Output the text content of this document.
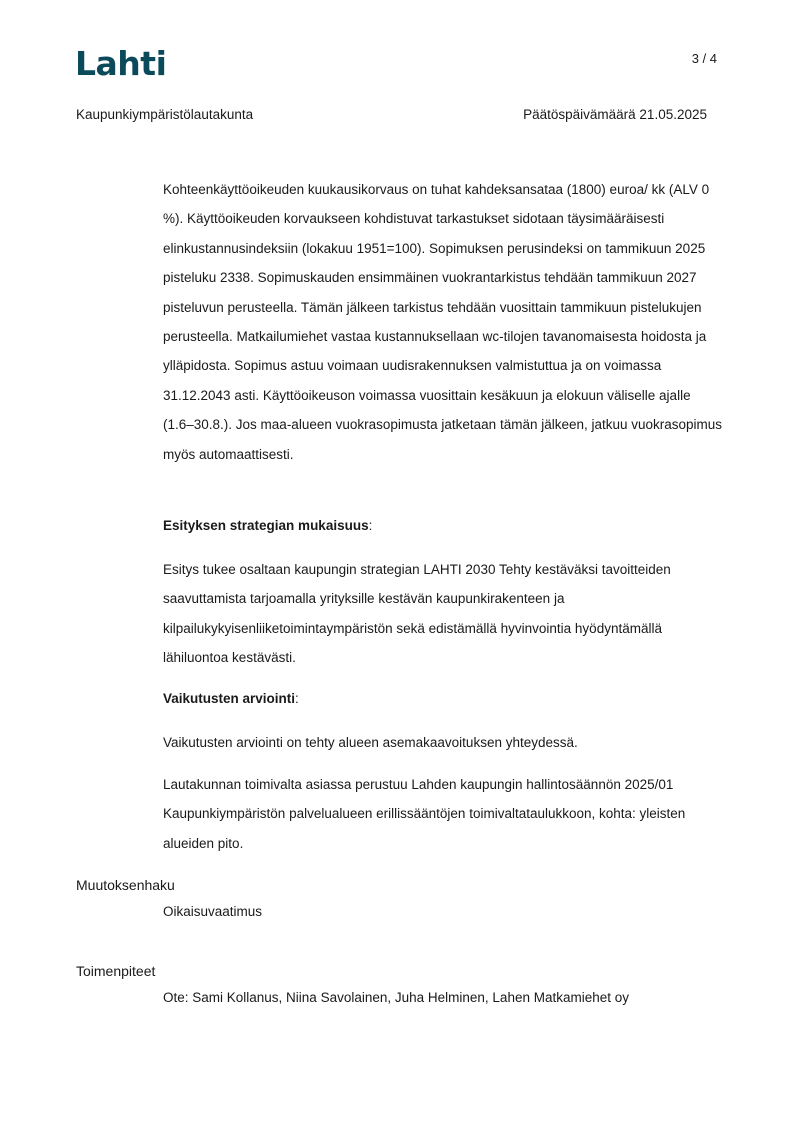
Lahti	3 / 4
Kaupunkiympäristölautakunta	Päätöspäivämäärä 21.05.2025

Kohteenkäyttöoikeuden kuukausikorvaus on tuhat kahdeksansataa (1800) euroa/ kk (ALV 0 %). Käyttöoikeuden korvaukseen kohdistuvat tarkastukset sidotaan täysimääräisesti elinkustannusindeksiin (lokakuu 1951=100). Sopimuksen perusindeksi on tammikuun 2025 pisteluku 2338. Sopimuskauden ensimmäinen vuokrantarkistus tehdään tammikuun 2027 pisteluvun perusteella. Tämän jälkeen tarkistus tehdään vuosittain tammikuun pistelukujen perusteella. Matkailumiehet vastaa kustannuksellaan wc-tilojen tavanomaisesta hoidosta ja ylläpidosta. Sopimus astuu voimaan uudisrakennuksen valmistuttua ja on voimassa 31.12.2043 asti. Käyttöoikeuson voimassa vuosittain kesäkuun ja elokuun väliselle ajalle (1.6–30.8.). Jos maa-alueen vuokrasopimusta jatketaan tämän jälkeen, jatkuu vuokrasopimus myös automaattisesti.

Esityksen strategian mukaisuus:

Esitys tukee osaltaan kaupungin strategian LAHTI 2030 Tehty kestäväksi tavoitteiden saavuttamista tarjoamalla yrityksille kestävän kaupunkirakenteen ja kilpailukykyisenliiketoimintaympäristön sekä edistämällä hyvinvointia hyödyntämällä lähiluontoa kestävästi.

Vaikutusten arviointi:

Vaikutusten arviointi on tehty alueen asemakaavoituksen yhteydessä.

Lautakunnan toimivalta asiassa perustuu Lahden kaupungin hallintosäännön 2025/01 Kaupunkiympäristön palvelualueen erillissääntöjen toimivaltataulukkoon, kohta: yleisten alueiden pito.

Muutoksenhaku
Oikaisuvaatimus
Toimenpiteet
Ote: Sami Kollanus, Niina Savolainen, Juha Helminen, Lahen Matkamiehet oy
